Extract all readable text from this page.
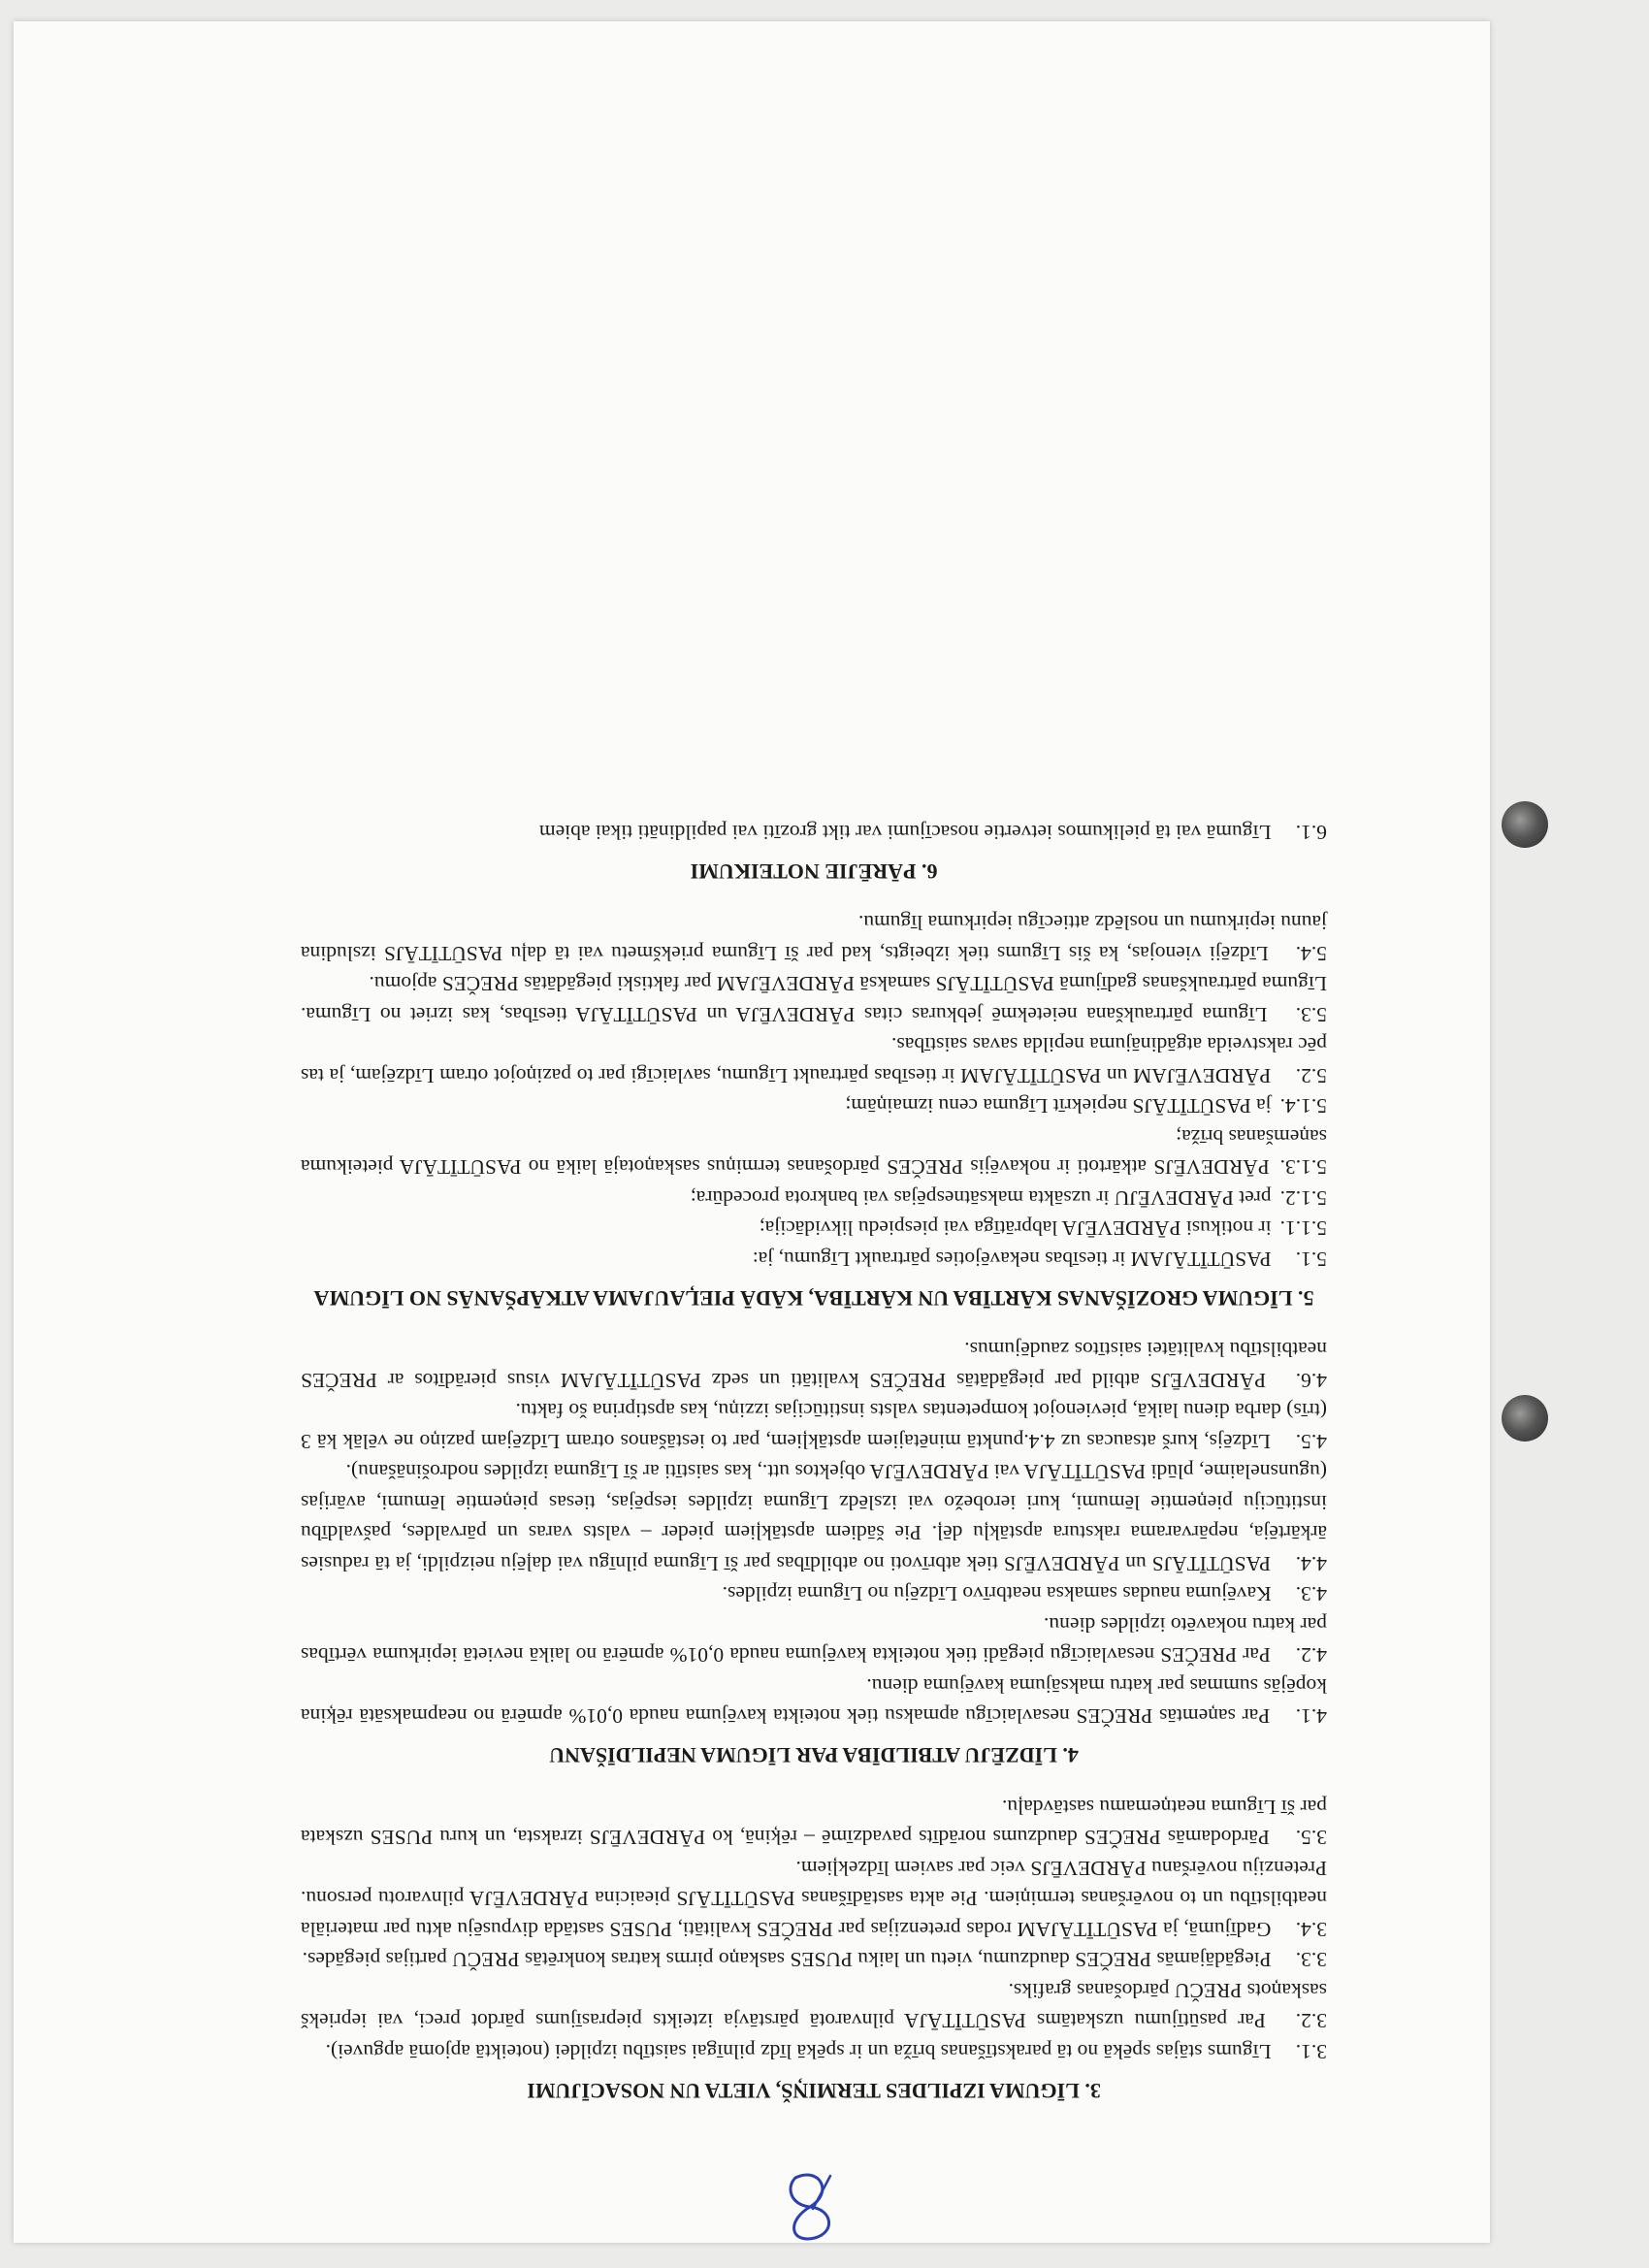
3. LĪGUMA IZPILDES TERMIŅŠ, VIETA UN NOSACĪJUMI

3.1. Līgums stājas spēkā no tā parakstīšanas brīža un ir spēkā līdz pilnīgai saistību izpildei (noteiktā apjomā apguvei).

3.2. Par pasūtījumu uzskatāms PASŪTĪTĀJA pilnvarotā pārstāvja izteikts pieprasījums pārdot preci, vai iepriekš saskaņots PREČU pārdošanas grafiks.

3.3. Piegādājamās PREČES daudzumu, vietu un laiku PUSES saskaņo pirms katras konkrētās PREČU partijas piegādes.

3.4. Gadījumā, ja PASŪTĪTĀJAM rodas pretenzijas par PREČES kvalitāti, PUSES sastāda divpusēju aktu par materiāla neatbilstību un to novēršanas termiņiem. Pie akta sastādīšanas PASŪTĪTĀJS pieaicina PĀRDEVĒJA pilnvarotu personu. Pretenziju novēršanu PĀRDEVĒJS veic par saviem līdzekļiem.

3.5. Pārdodamās PREČES daudzums norādīts pavadzīmē – rēķinā, ko PĀRDEVĒJS izraksta, un kuru PUSES uzskata par šī Līguma neatņemamu sastāvdaļu.

4. LĪDZĒJU ATBILDĪBA PAR LĪGUMA NEPILDĪŠANU

4.1. Par saņemtās PREČES nesavlaicīgu apmaksu tiek noteikta kavējuma nauda 0,01% apmērā no neapmaksātā rēķina kopējās summas par katru maksājuma kavējuma dienu.

4.2. Par PREČES nesavlaicīgu piegādi tiek noteikta kavējuma nauda 0,01% apmērā no laikā nevietā iepirkuma vērtības par katru nokavēto izpildes dienu.

4.3. Kavējuma naudas samaksa neatbrīvo Līdzēju no Līguma izpildes.

4.4. PASŪTĪTĀJS un PĀRDEVĒJS tiek atbrīvoti no atbildības par šī Līguma pilnīgu vai daļēju neizpildi, ja tā radusies ārkārtēja, nepārvarama rakstura apstākļu dēļ. Pie šādiem apstākļiem pieder – valsts varas un pārvaldes, pašvaldību institūciju pieņemtie lēmumi, kuri ierobežo vai izslēdz Līguma izpildes iespējas, tiesas pieņemtie lēmumi, avārijas (ugunsnelaime, plūdi PASŪTĪTĀJA vai PĀRDEVĒJA objektos utt., kas saistīti ar šī Līguma izpildes nodrošināšanu).

4.5. Līdzējs, kurš atsaucas uz 4.4.punktā minētajiem apstākļiem, par to iestāšanos otram Līdzējam paziņo ne vēlāk kā 3 (trīs) darba dienu laikā, pievienojot kompetentas valsts institūcijas izziņu, kas apstiprina šo faktu.

4.6. PĀRDEVĒJS atbild par piegādātās PREČES kvalitāti un sedz PASŪTĪTĀJAM visus pierādītos ar PREČES neatbilstību kvalitātei saistītos zaudējumus.

5. LĪGUMA GROZĪŠANAS KĀRTĪBA UN KĀRTĪBA, KĀDĀ PIEĻAUJAMA ATKĀPŠANĀS NO LĪGUMA

5.1. PASŪTĪTĀJAM ir tiesības nekavējoties pārtraukt Līgumu, ja:

5.1.1. ir notikusi PĀRDEVĒJA labprātīga vai piespiedu likvidācija;

5.1.2. pret PĀRDEVĒJU ir uzsākta maksātnespējas vai bankrota procedūra;

5.1.3. PĀRDEVĒJS atkārtoti ir nokavējis PREČES pārdošanas termiņus saskaņotajā laikā no PASŪTĪTĀJA pieteikuma saņemšanas brīža;

5.1.4. ja PASŪTĪTĀJS nepiekrīt Līguma cenu izmaiņām;

5.2. PĀRDEVĒJAM un PASŪTĪTĀJAM ir tiesības pārtraukt Līgumu, savlaicīgi par to paziņojot otram Līdzējam, ja tas pēc rakstveida atgādinājuma nepilda savas saistības.

5.3. Līguma pārtraukšana neietekmē jebkuras citas PĀRDEVĒJA un PASŪTĪTĀJA tiesības, kas izriet no Līguma. Līguma pārtraukšanas gadījumā PASŪTĪTĀJS samaksā PĀRDEVĒJAM par faktiski piegādātās PREČES apjomu.

5.4. Līdzēji vienojas, ka šis Līgums tiek izbeigts, kad par šī Līguma priekšmetu vai tā daļu PASŪTĪTĀJS izsludina jaunu iepirkumu un noslēdz attiecīgu iepirkuma līgumu.

6. PĀRĒJIE NOTEIKUMI

6.1. Līgumā vai tā pielikumos ietvertie nosacījumi var tikt grozīti vai papildināti tikai abiem
